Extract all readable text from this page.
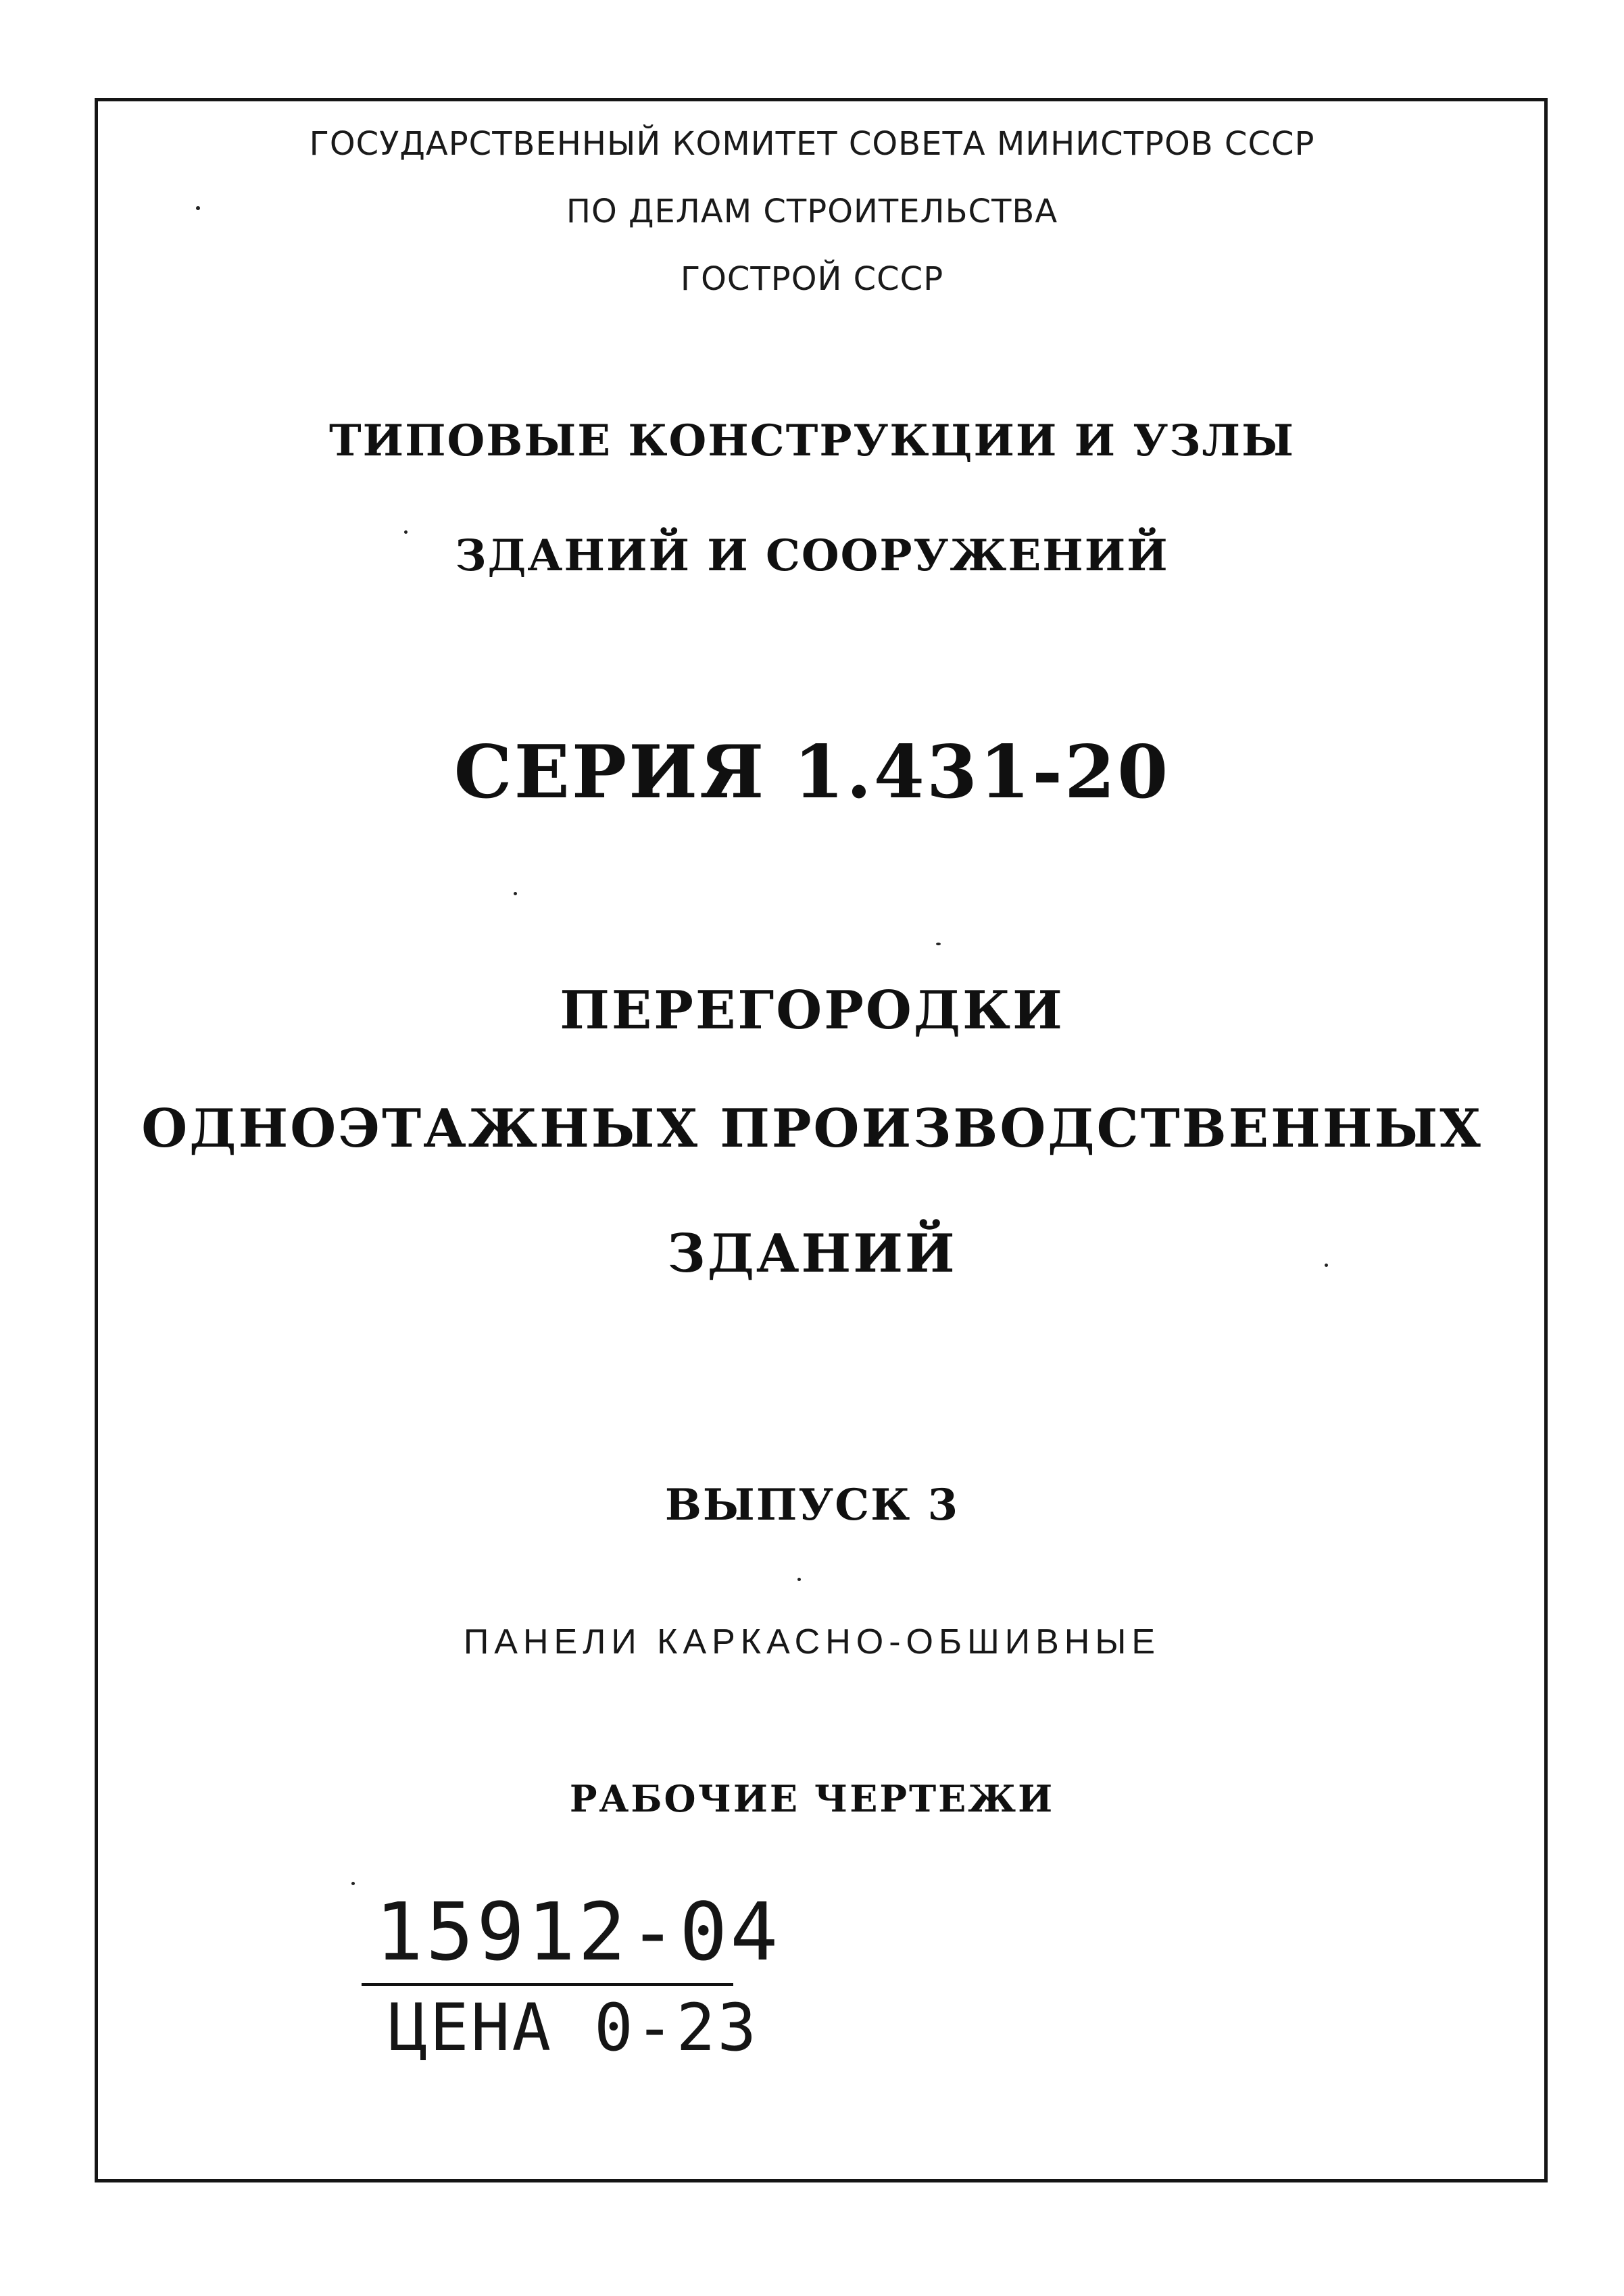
ГОСУДАРСТВЕННЫЙ КОМИТЕТ СОВЕТА МИНИСТРОВ СССР
ПО ДЕЛАМ СТРОИТЕЛЬСТВА
ГОСТРОЙ СССР
ТИПОВЫЕ КОНСТРУКЦИИ И УЗЛЫ
ЗДАНИЙ И СООРУЖЕНИЙ
СЕРИЯ 1.431-20
ПЕРЕГОРОДКИ
ОДНОЭТАЖНЫХ ПРОИЗВОДСТВЕННЫХ
ЗДАНИЙ
ВЫПУСК 3
ПАНЕЛИ КАРКАСНО-ОБШИВНЫЕ
РАБОЧИЕ ЧЕРТЕЖИ
15912-04
ЦЕНА 0-23
